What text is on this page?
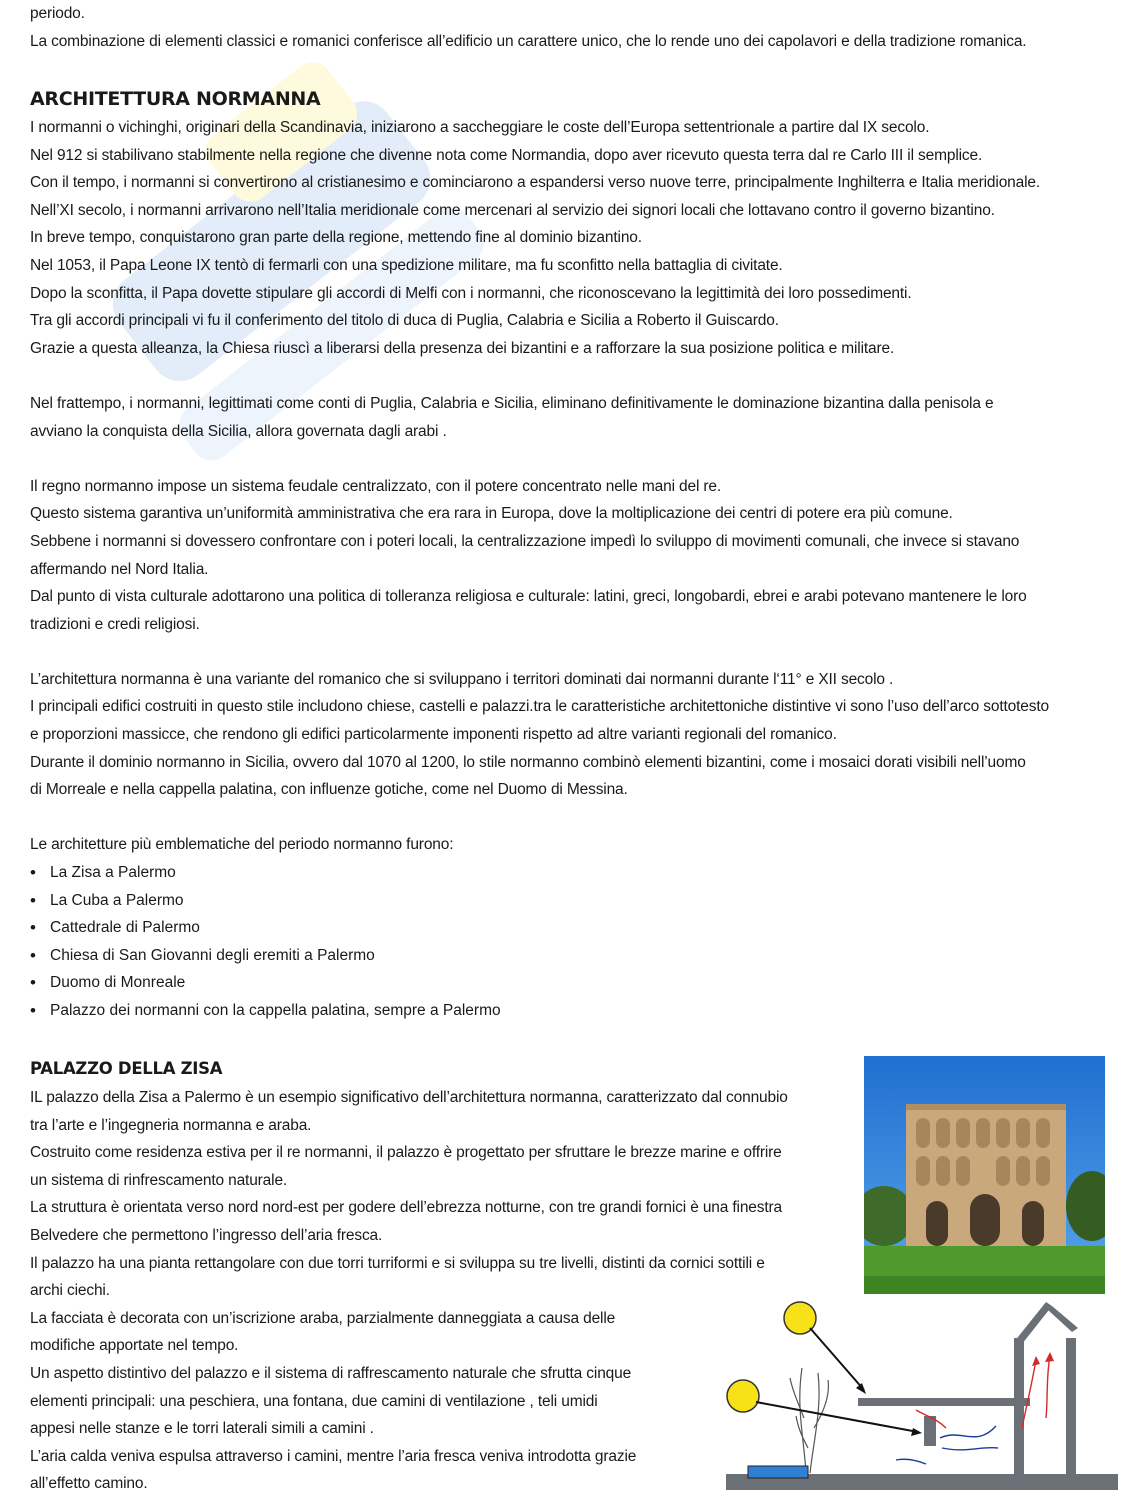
periodo.

La combinazione di elementi classici e romanici conferisce all’edificio un carattere unico, che lo rende uno dei capolavori e della tradizione romanica.

ARCHITETTURA NORMANNA

I normanni o vichinghi, originari della Scandinavia, iniziarono a saccheggiare le coste dell’Europa settentrionale a partire dal IX secolo.

Nel 912 si stabilivano stabilmente nella regione che divenne nota come Normandia, dopo aver ricevuto questa terra dal re Carlo III il semplice.

Con il tempo, i normanni si convertirono al cristianesimo e cominciarono a espandersi verso nuove terre, principalmente Inghilterra e Italia meridionale.

Nell’XI secolo, i normanni arrivarono nell’Italia meridionale come mercenari al servizio dei signori locali che lottavano contro il governo bizantino.

In breve tempo, conquistarono gran parte della regione, mettendo fine al dominio bizantino.

Nel 1053, il Papa Leone IX tentò di fermarli con una spedizione militare, ma fu sconfitto nella battaglia di civitate.

Dopo la sconfitta, il Papa dovette stipulare gli accordi di Melfi con i normanni, che riconoscevano la legittimità dei loro possedimenti.

Tra gli accordi principali vi fu il conferimento del titolo di duca di Puglia, Calabria e Sicilia a Roberto il Guiscardo.

Grazie a questa alleanza, la Chiesa riuscì a liberarsi della presenza dei bizantini e a rafforzare la sua posizione politica e militare.

Nel frattempo, i normanni, legittimati come conti di Puglia, Calabria e Sicilia, eliminano definitivamente le dominazione bizantina dalla penisola e

avviano la conquista della Sicilia, allora governata dagli arabi .

Il regno normanno impose un sistema feudale centralizzato, con il potere concentrato nelle mani del re.

Questo sistema garantiva un’uniformità amministrativa che era rara in Europa, dove la moltiplicazione dei centri di potere era più comune.

Sebbene i normanni si dovessero confrontare con i poteri locali, la centralizzazione impedì lo sviluppo di movimenti comunali, che invece si stavano

affermando nel Nord Italia.

Dal punto di vista culturale adottarono una politica di tolleranza religiosa e culturale: latini, greci, longobardi, ebrei e arabi potevano mantenere le loro

tradizioni e credi religiosi.

L’architettura normanna è una variante del romanico che si sviluppano i territori dominati dai normanni durante l‘11° e XII secolo .

I principali edifici costruiti in questo stile includono chiese, castelli e palazzi.tra le caratteristiche architettoniche distintive vi sono l’uso dell’arco sottotesto

e proporzioni massicce, che rendono gli edifici particolarmente imponenti rispetto ad altre varianti regionali del romanico.

Durante il dominio normanno in Sicilia, ovvero dal 1070 al 1200, lo stile normanno combinò elementi bizantini, come i mosaici dorati visibili nell’uomo

di Morreale e nella cappella palatina, con influenze gotiche, come nel Duomo di Messina.

Le architetture più emblematiche del periodo normanno furono:

• La Zisa a Palermo
• La Cuba a Palermo
• Cattedrale di Palermo
• Chiesa di San Giovanni degli eremiti a Palermo
• Duomo di Monreale
• Palazzo dei normanni con la cappella palatina, sempre a Palermo
PALAZZO DELLA ZISA

IL palazzo della Zisa a Palermo è un esempio significativo dell’architettura normanna, caratterizzato dal connubio

tra l’arte e l’ingegneria normanna e araba.

Costruito come residenza estiva per il re normanni, il palazzo è progettato per sfruttare le brezze marine e offrire

un sistema di rinfrescamento naturale.

La struttura è orientata verso nord nord-est per godere dell’ebrezza notturne, con tre grandi fornici è una finestra

Belvedere che permettono l’ingresso dell’aria fresca.

Il palazzo ha una pianta rettangolare con due torri turriformi e si sviluppa su tre livelli, distinti da cornici sottili e

archi ciechi.

La facciata è decorata con un’iscrizione araba, parzialmente danneggiata a causa delle

modifiche apportate nel tempo.

Un aspetto distintivo del palazzo e il sistema di raffrescamento naturale che sfrutta cinque

elementi principali: una peschiera, una fontana, due camini di ventilazione , teli umidi

appesi nelle stanze e le torri laterali simili a camini .

L’aria calda veniva espulsa attraverso i camini, mentre l’aria fresca veniva introdotta grazie

all’effetto camino.
